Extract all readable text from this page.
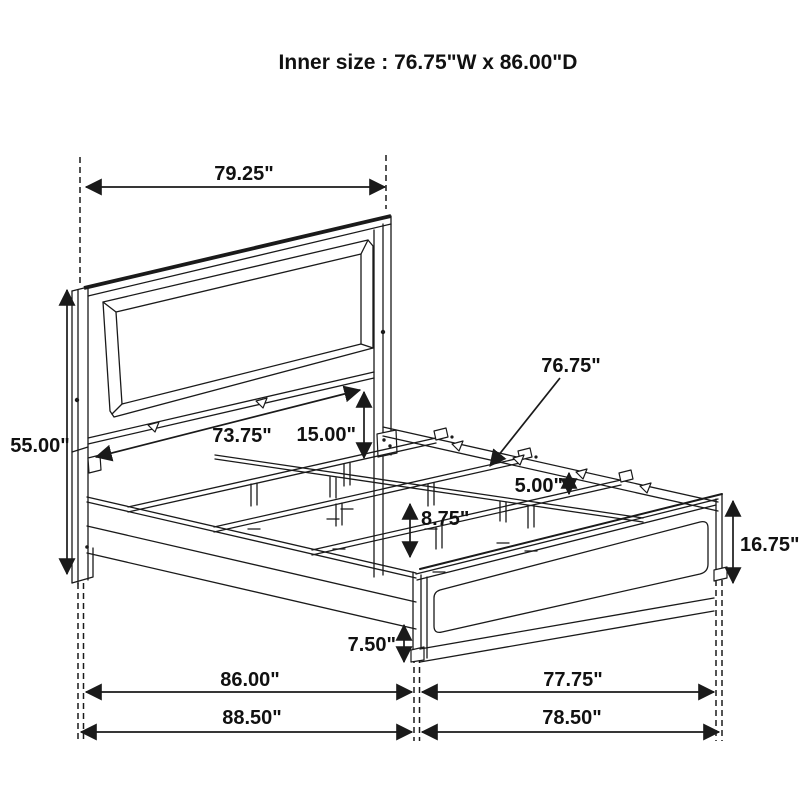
Inner size : 76.75"W x 86.00"D
79.25"
55.00"	73.75" 15.00"
76.75"
5.00"
8.75"
16.75"
7.50"
86.00"	77.75"
88.50"	78.50"
